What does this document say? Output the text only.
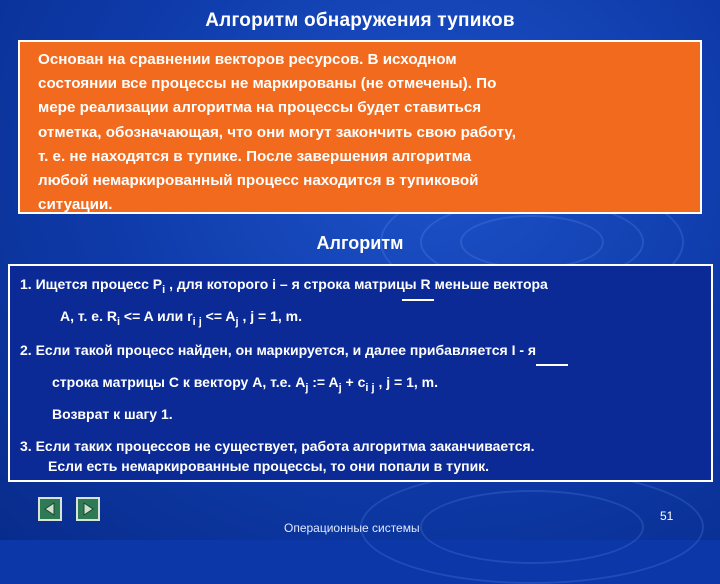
Алгоритм обнаружения тупиков
Основан на сравнении векторов ресурсов. В исходном
состоянии все процессы не маркированы (не отмечены). По
мере реализации алгоритма на процессы будет ставиться
отметка, обозначающая, что они могут закончить свою работу,
т. е. не находятся в тупике. После завершения алгоритма
любой немаркированный процесс находится в тупиковой
ситуации.
Алгоритм
1. Ищется процесс $P_i$ , для которого i – я строка матрицы R меньше вектора
A, т. е. $R_i <= A$ или $r_{i j} <= A_j$ , j = 1, m.
2. Если такой процесс найден, он маркируется, и далее прибавляется I - я
строка матрицы C к вектору A, т.е. $A_j$ := $A_j + c_{i j}$ , j = 1, m.
Возврат к шагу 1.
3. Если таких процессов не существует, работа алгоритма заканчивается.
Если есть немаркированные процессы, то они попали в тупик.
Операционные системы
51
